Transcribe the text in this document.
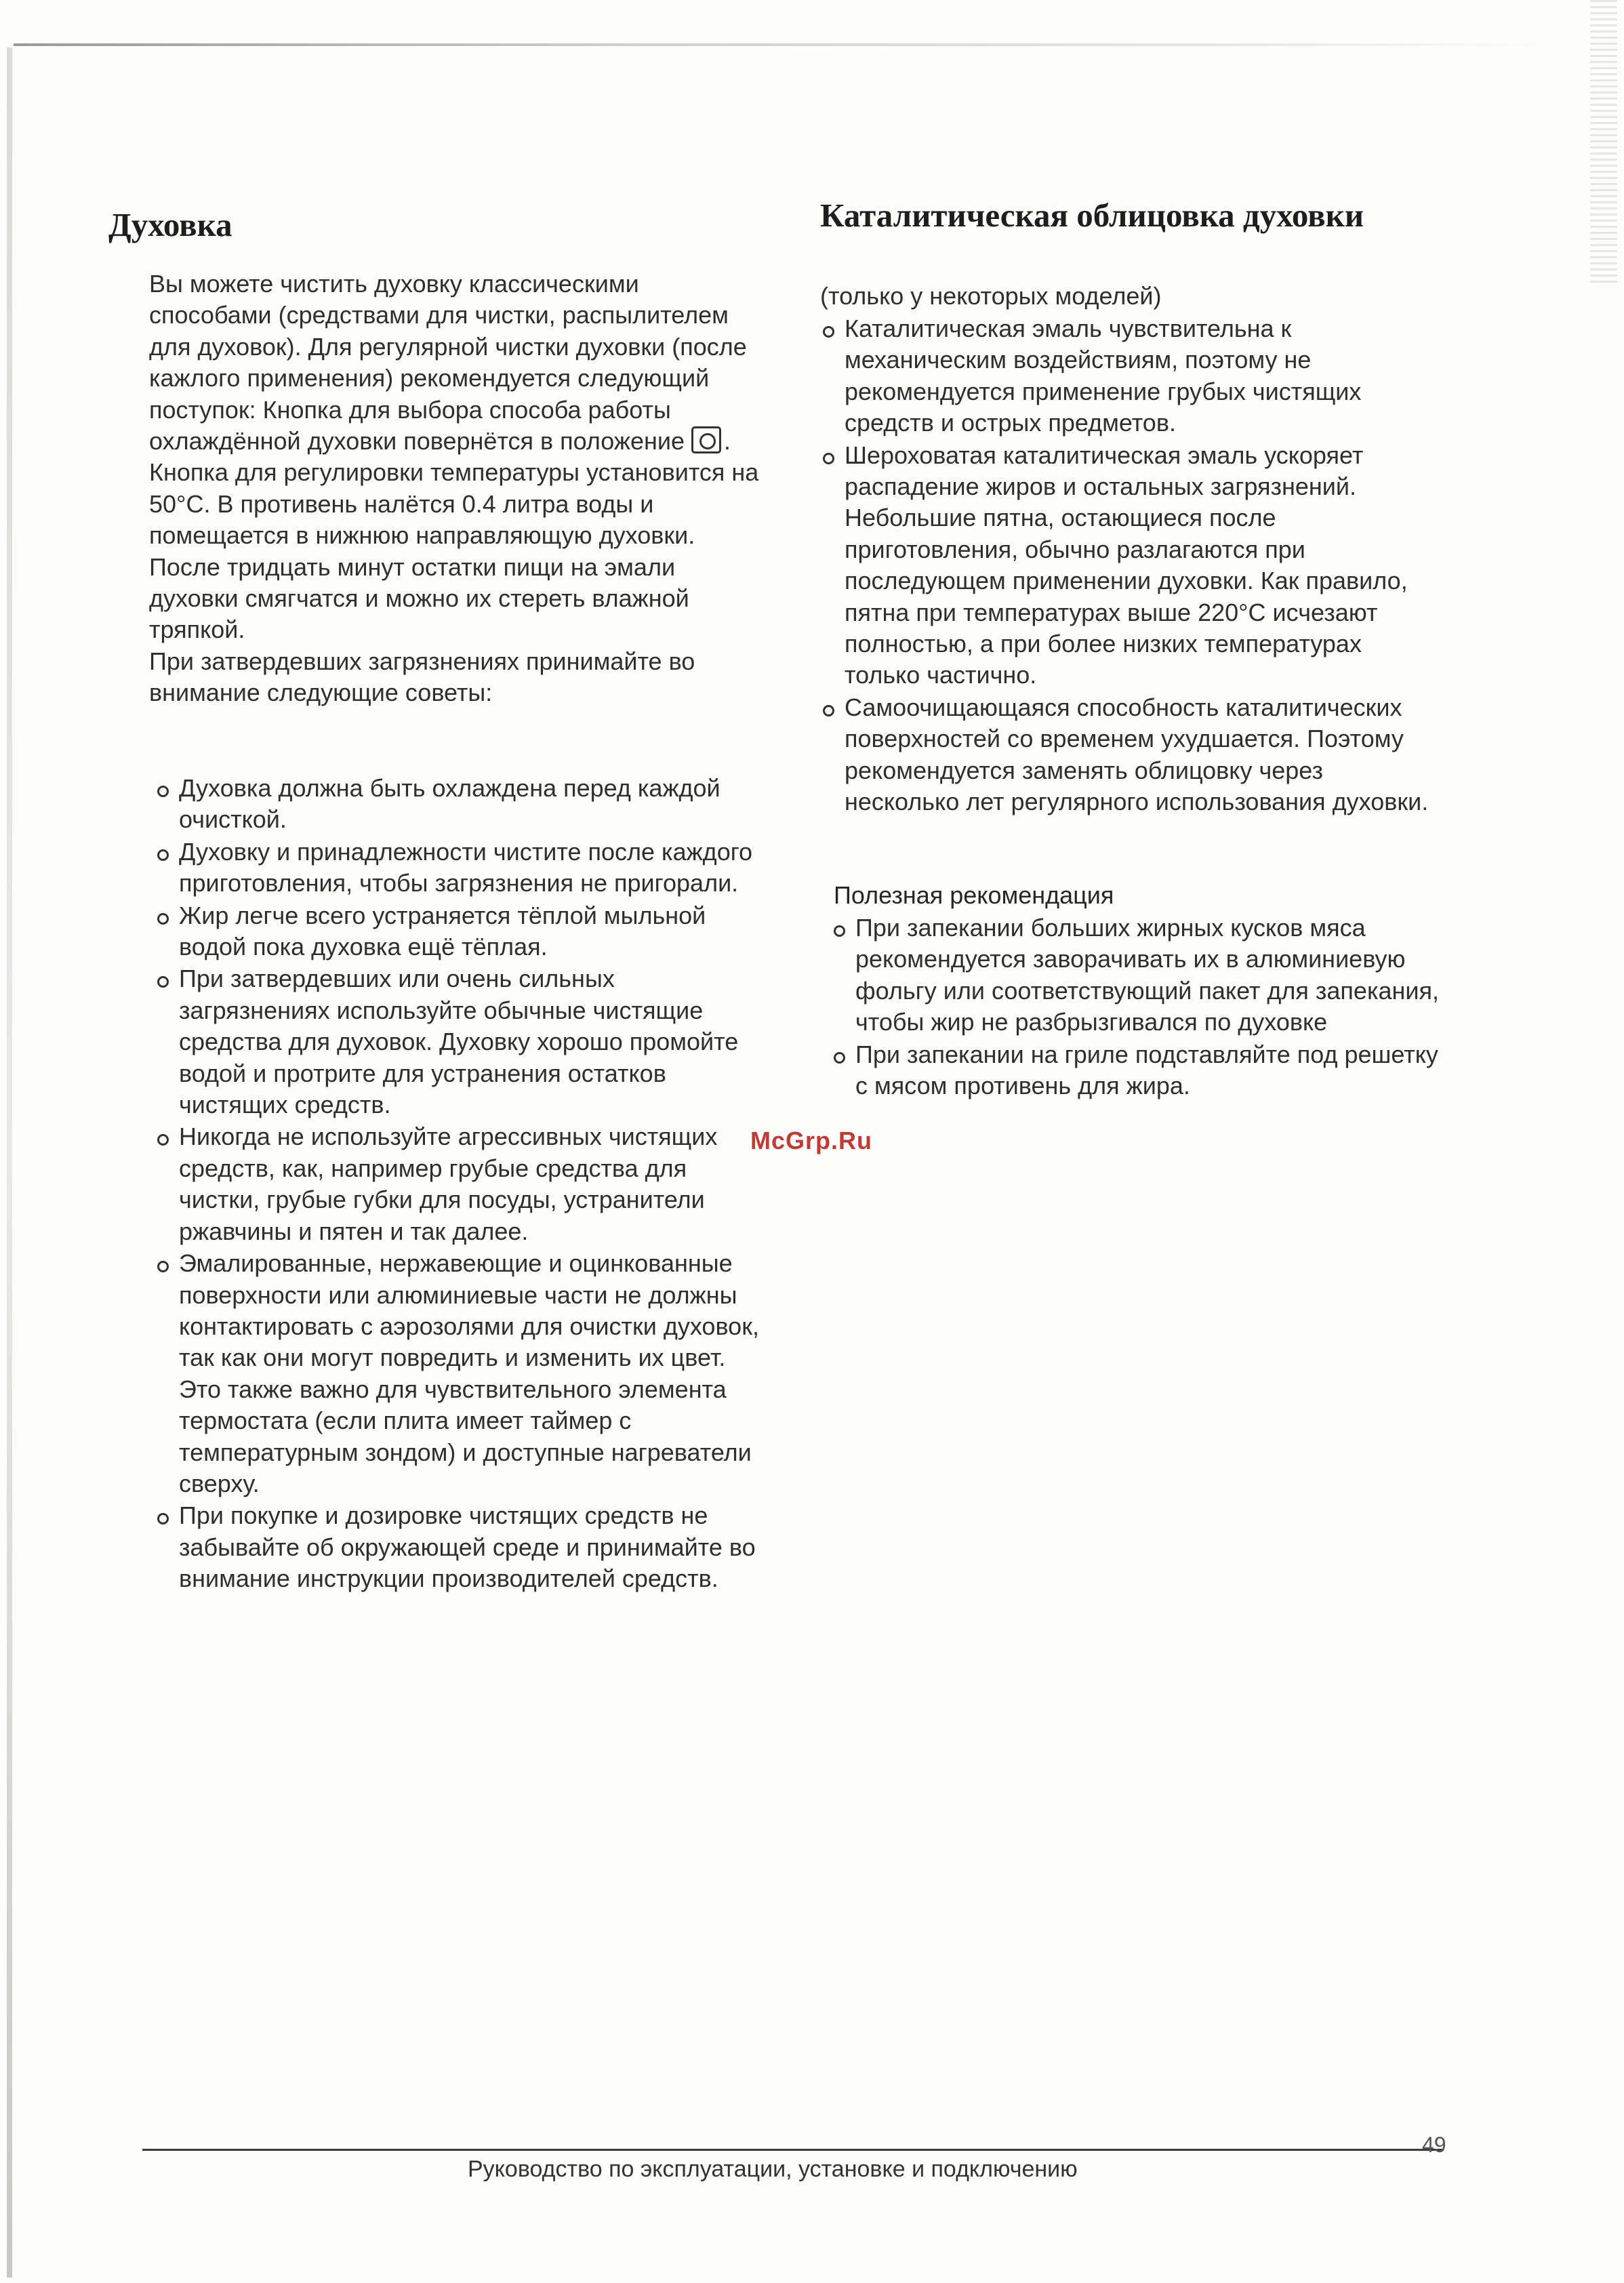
Духовка

Вы можете чистить духовку классическими способами (средствами для чистки, распылителем для духовок). Для регулярной чистки духовки (после кажлого применения) рекомендуется следующий поступок: Кнопка для выбора способа работы охлаждённой духовки повернётся в положение . Кнопка для регулировки температуры установится на 50°C. В противень налётся 0.4 литра воды и помещается в нижнюю направляющую духовки. После тридцать минут остатки пищи на эмали духовки смягчатся и можно их стереть влажной тряпкой.

При затвердевших загрязнениях принимайте во внимание следующие советы:

Духовка должна быть охлаждена перед каждой очисткой.
Духовку и принадлежности чистите после каждого приготовления, чтобы загрязнения не пригорали.
Жир легче всего устраняется тёплой мыльной водой пока духовка ещё тёплая.
При затвердевших или очень сильных загрязнениях используйте обычные чистящие средства для духовок. Духовку хорошо промойте водой и протрите для устранения остатков чистящих средств.
Никогда не используйте агрессивных чистящих средств, как, например грубые средства для чистки, грубые губки для посуды, устранители ржавчины и пятен и так далее.
Эмалированные, нержавеющие и оцинкованные поверхности или алюминиевые части не должны контактировать с аэрозолями для очистки духовок, так как они могут повредить и изменить их цвет. Это также важно для чувствительного элемента термостата (если плита имеет таймер с температурным зондом) и доступные нагреватели сверху.
При покупке и дозировке чистящих средств не забывайте об окружающей среде и принимайте во внимание инструкции производителей средств.
Каталитическая облицовка духовки
(только у некоторых моделей)
Каталитическая эмаль чувствительна к механическим воздействиям, поэтому не рекомендуется применение грубых чистящих средств и острых предметов.
Шероховатая каталитическая эмаль ускоряет распадение жиров и остальных загрязнений. Небольшие пятна, остающиеся после приготовления, обычно разлагаются при последующем применении духовки. Как правило, пятна при температурах выше 220°C исчезают полностью, а при более низких температурах только частично.
Самоочищающаяся способность каталитических поверхностей со временем ухудшается. Поэтому рекомендуется заменять облицовку через несколько лет регулярного использования духовки.
Полезная рекомендация
При запекании больших жирных кусков мяса рекомендуется заворачивать их в алюминиевую фольгу или соответствующий пакет для запекания, чтобы жир не разбрызгивался по духовке
При запекании на гриле подставляйте под решетку с мясом противень для жира.
McGrp.Ru
Руководство по эксплуатации, установке и подключению
49
